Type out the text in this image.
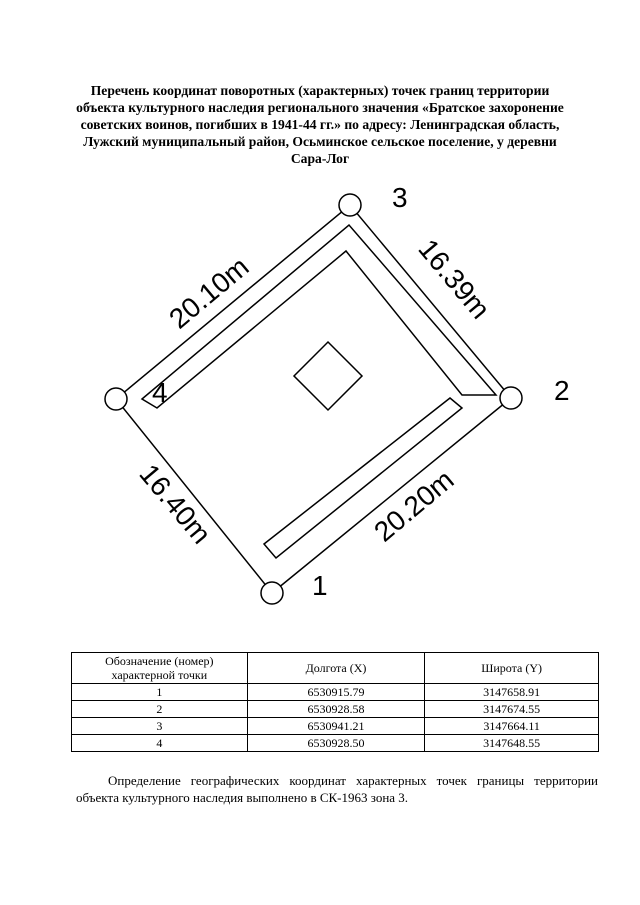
Перечень координат поворотных (характерных) точек границ территории
объекта культурного наследия регионального значения «Братское захоронение
советских воинов, погибших в 1941-44 гг.» по адресу: Ленинградская область,
Лужский муниципальный район, Осьминское сельское поселение, у деревни
Сара-Лог
1
2
3
4
20.10m	16.39m
20.20m
16.40m
Обозначение (номер) характерной точки	Долгота (X)	Широта (Y)
1	6530915.79	3147658.91
2	6530928.58	3147674.55
3	6530941.21	3147664.11
4	6530928.50	3147648.55
Определение географических координат характерных точек границы территории объекта культурного наследия выполнено в СК-1963 зона 3.
